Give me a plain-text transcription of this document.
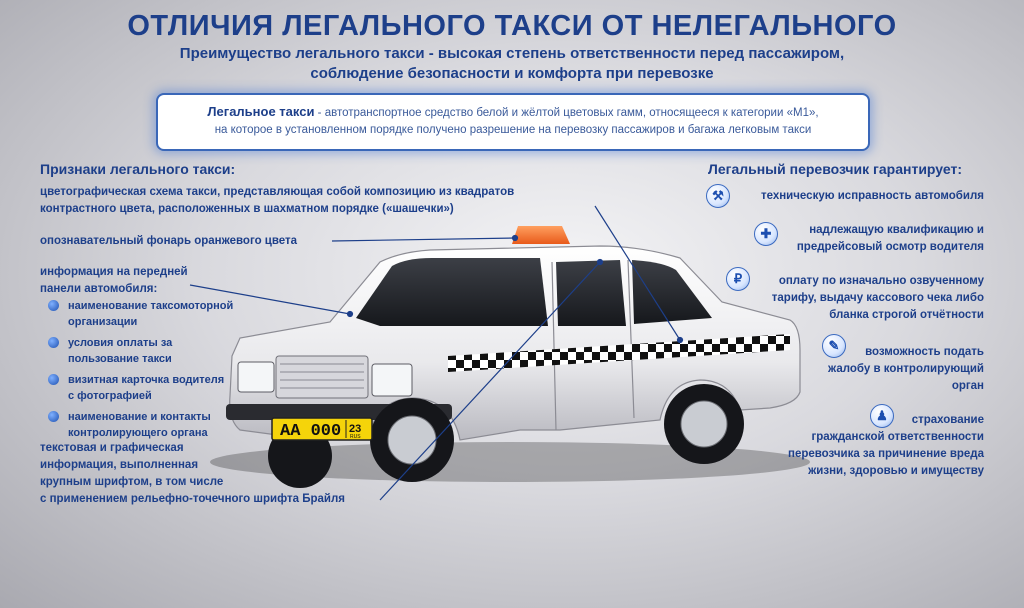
ОТЛИЧИЯ ЛЕГАЛЬНОГО ТАКСИ ОТ НЕЛЕГАЛЬНОГО
Преимущество легального такси - высокая степень ответственности перед пассажиром,
соблюдение безопасности и комфорта при перевозке
Легальное такси - автотранспортное средство белой и жёлтой цветовых гамм, относящееся к категории «М1»,
на которое в установленном порядке получено разрешение на перевозку пассажиров и багажа легковым такси
АА 000 23
RUS
Признаки легального такси:
цветографическая схема такси, представляющая собой композицию из квадратов
контрастного цвета, расположенных в шахматном порядке («шашечки»)
опознавательный фонарь оранжевого цвета
информация на передней
панели автомобиля:
наименование таксомоторной
организации
условия оплаты за
пользование такси
визитная карточка водителя
с фотографией
наименование и контакты
контролирующего органа
текстовая и графическая
информация, выполненная
крупным шрифтом, в том числе
с применением рельефно-точечного шрифта Брайля
Легальный перевозчик гарантирует:
⚒	техническую исправность автомобиля
✚	надлежащую квалификацию и
предрейсовый осмотр водителя
₽	оплату по изначально озвученному
тарифу, выдачу кассового чека либо
бланка строгой отчётности
✎	возможность подать
жалобу в контролирующий
орган
♟	страхование
гражданской ответственности
перевозчика за причинение вреда
жизни, здоровью и имуществу
